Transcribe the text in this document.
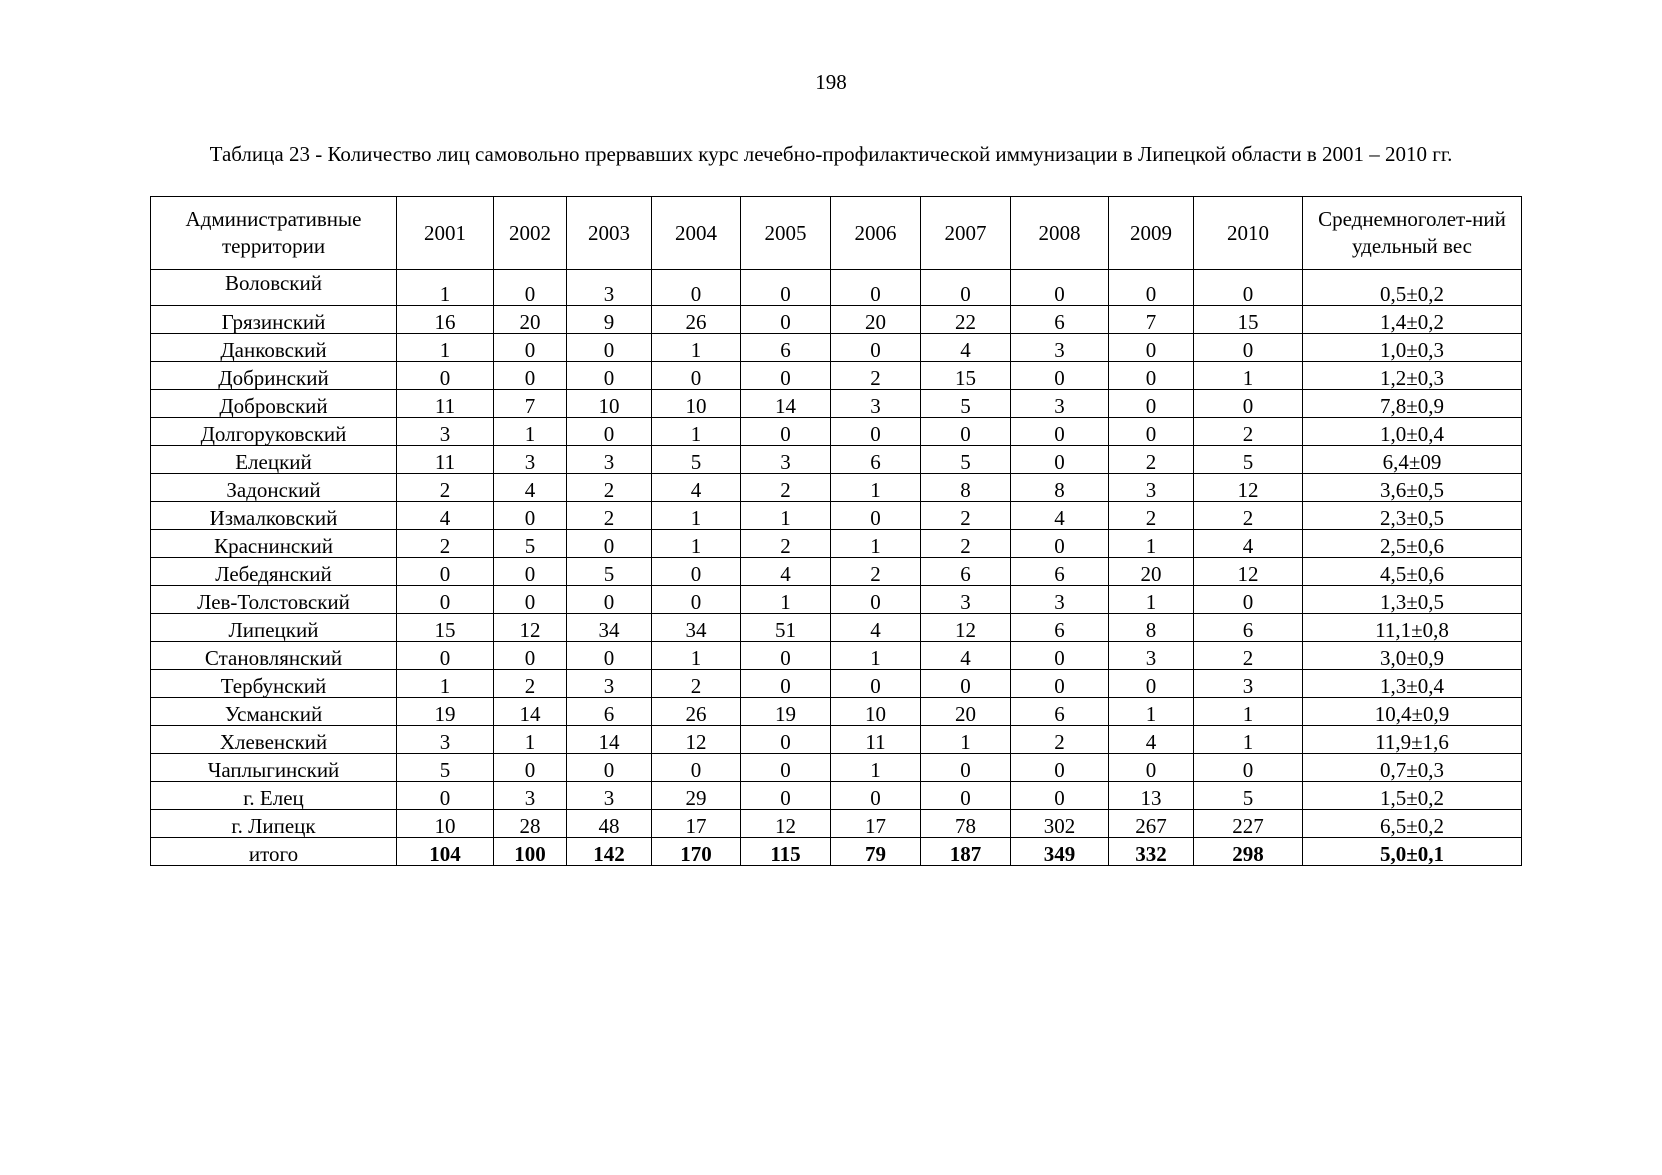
198
Таблица 23 - Количество лиц самовольно прервавших курс лечебно-профилактической иммунизации в Липецкой области в 2001 – 2010 гг.
Административные территории	2001	2002	2003	2004	2005	2006	2007	2008	2009	2010	Среднемноголет-ний удельный вес
Воловский	1	0	3	0	0	0	0	0	0	0	0,5±0,2
Грязинский	16	20	9	26	0	20	22	6	7	15	1,4±0,2
Данковский	1	0	0	1	6	0	4	3	0	0	1,0±0,3
Добринский	0	0	0	0	0	2	15	0	0	1	1,2±0,3
Добровский	11	7	10	10	14	3	5	3	0	0	7,8±0,9
Долгоруковский	3	1	0	1	0	0	0	0	0	2	1,0±0,4
Елецкий	11	3	3	5	3	6	5	0	2	5	6,4±09
Задонский	2	4	2	4	2	1	8	8	3	12	3,6±0,5
Измалковский	4	0	2	1	1	0	2	4	2	2	2,3±0,5
Краснинский	2	5	0	1	2	1	2	0	1	4	2,5±0,6
Лебедянский	0	0	5	0	4	2	6	6	20	12	4,5±0,6
Лев-Толстовский	0	0	0	0	1	0	3	3	1	0	1,3±0,5
Липецкий	15	12	34	34	51	4	12	6	8	6	11,1±0,8
Становлянский	0	0	0	1	0	1	4	0	3	2	3,0±0,9
Тербунский	1	2	3	2	0	0	0	0	0	3	1,3±0,4
Усманский	19	14	6	26	19	10	20	6	1	1	10,4±0,9
Хлевенский	3	1	14	12	0	11	1	2	4	1	11,9±1,6
Чаплыгинский	5	0	0	0	0	1	0	0	0	0	0,7±0,3
г. Елец	0	3	3	29	0	0	0	0	13	5	1,5±0,2
г. Липецк	10	28	48	17	12	17	78	302	267	227	6,5±0,2
итого	104	100	142	170	115	79	187	349	332	298	5,0±0,1
